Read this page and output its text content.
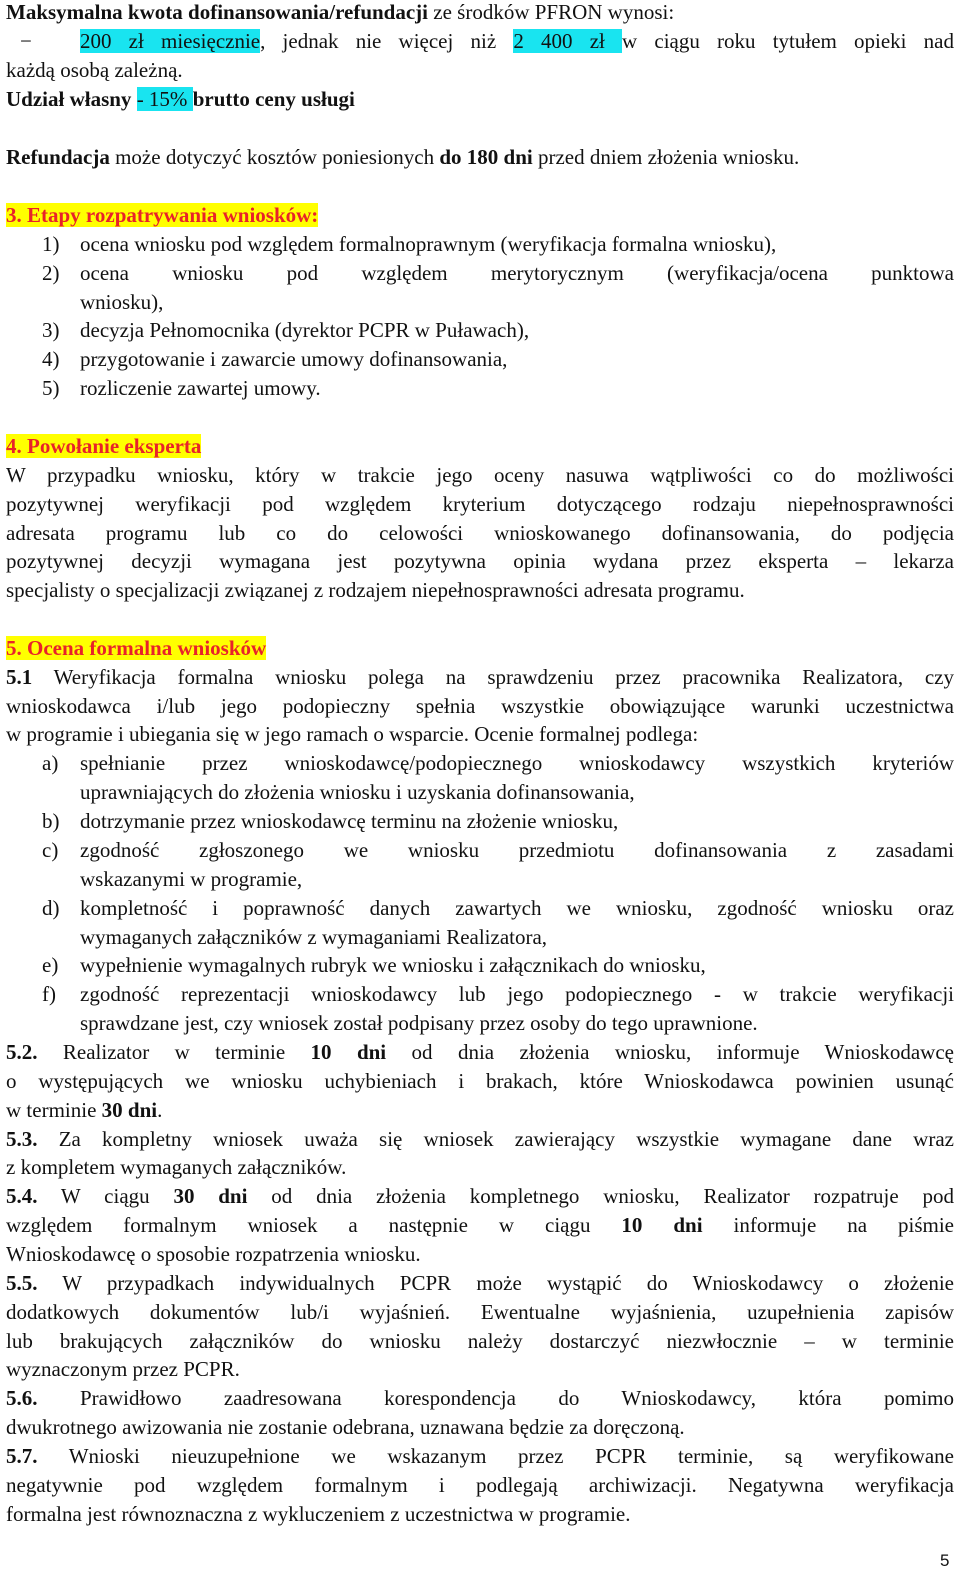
Maksymalna kwota dofinansowania/refundacji ze środków PFRON wynosi:
− 200 zł miesięcznie, jednak nie więcej niż 2 400 zł w ciągu roku tytułem opieki nad
każdą osobą zależną.
Udział własny - 15% brutto ceny usługi
Refundacja może dotyczyć kosztów poniesionych do 180 dni przed dniem złożenia wniosku.
3. Etapy rozpatrywania wniosków:
1) ocena wniosku pod względem formalnoprawnym (weryfikacja formalna wniosku),
2) ocena wniosku pod względem merytorycznym (weryfikacja/ocena punktowa
wniosku),
3) decyzja Pełnomocnika (dyrektor PCPR w Puławach),
4) przygotowanie i zawarcie umowy dofinansowania,
5) rozliczenie zawartej umowy.
4. Powołanie eksperta
W przypadku wniosku, który w trakcie jego oceny nasuwa wątpliwości co do możliwości
pozytywnej weryfikacji pod względem kryterium dotyczącego rodzaju niepełnosprawności
adresata programu lub co do celowości wnioskowanego dofinansowania, do podjęcia
pozytywnej decyzji wymagana jest pozytywna opinia wydana przez eksperta – lekarza
specjalisty o specjalizacji związanej z rodzajem niepełnosprawności adresata programu.
5. Ocena formalna wniosków
5.1 Weryfikacja formalna wniosku polega na sprawdzeniu przez pracownika Realizatora, czy
wnioskodawca i/lub jego podopieczny spełnia wszystkie obowiązujące warunki uczestnictwa
w programie i ubiegania się w jego ramach o wsparcie. Ocenie formalnej podlega:
a) spełnianie przez wnioskodawcę/podopiecznego wnioskodawcy wszystkich kryteriów
uprawniających do złożenia wniosku i uzyskania dofinansowania,
b) dotrzymanie przez wnioskodawcę terminu na złożenie wniosku,
c) zgodność zgłoszonego we wniosku przedmiotu dofinansowania z zasadami
wskazanymi w programie,
d) kompletność i poprawność danych zawartych we wniosku, zgodność wniosku oraz
wymaganych załączników z wymaganiami Realizatora,
e) wypełnienie wymagalnych rubryk we wniosku i załącznikach do wniosku,
f) zgodność reprezentacji wnioskodawcy lub jego podopiecznego - w trakcie weryfikacji
sprawdzane jest, czy wniosek został podpisany przez osoby do tego uprawnione.
5.2. Realizator w terminie 10 dni od dnia złożenia wniosku, informuje Wnioskodawcę
o występujących we wniosku uchybieniach i brakach, które Wnioskodawca powinien usunąć
w terminie 30 dni.
5.3. Za kompletny wniosek uważa się wniosek zawierający wszystkie wymagane dane wraz
z kompletem wymaganych załączników.
5.4. W ciągu 30 dni od dnia złożenia kompletnego wniosku, Realizator rozpatruje pod
względem formalnym wniosek a następnie w ciągu 10 dni informuje na piśmie
Wnioskodawcę o sposobie rozpatrzenia wniosku.
5.5. W przypadkach indywidualnych PCPR może wystąpić do Wnioskodawcy o złożenie
dodatkowych dokumentów lub/i wyjaśnień. Ewentualne wyjaśnienia, uzupełnienia zapisów
lub brakujących załączników do wniosku należy dostarczyć niezwłocznie – w terminie
wyznaczonym przez PCPR.
5.6. Prawidłowo zaadresowana korespondencja do Wnioskodawcy, która pomimo
dwukrotnego awizowania nie zostanie odebrana, uznawana będzie za doręczoną.
5.7. Wnioski nieuzupełnione we wskazanym przez PCPR terminie, są weryfikowane
negatywnie pod względem formalnym i podlegają archiwizacji. Negatywna weryfikacja
formalna jest równoznaczna z wykluczeniem z uczestnictwa w programie.
5
